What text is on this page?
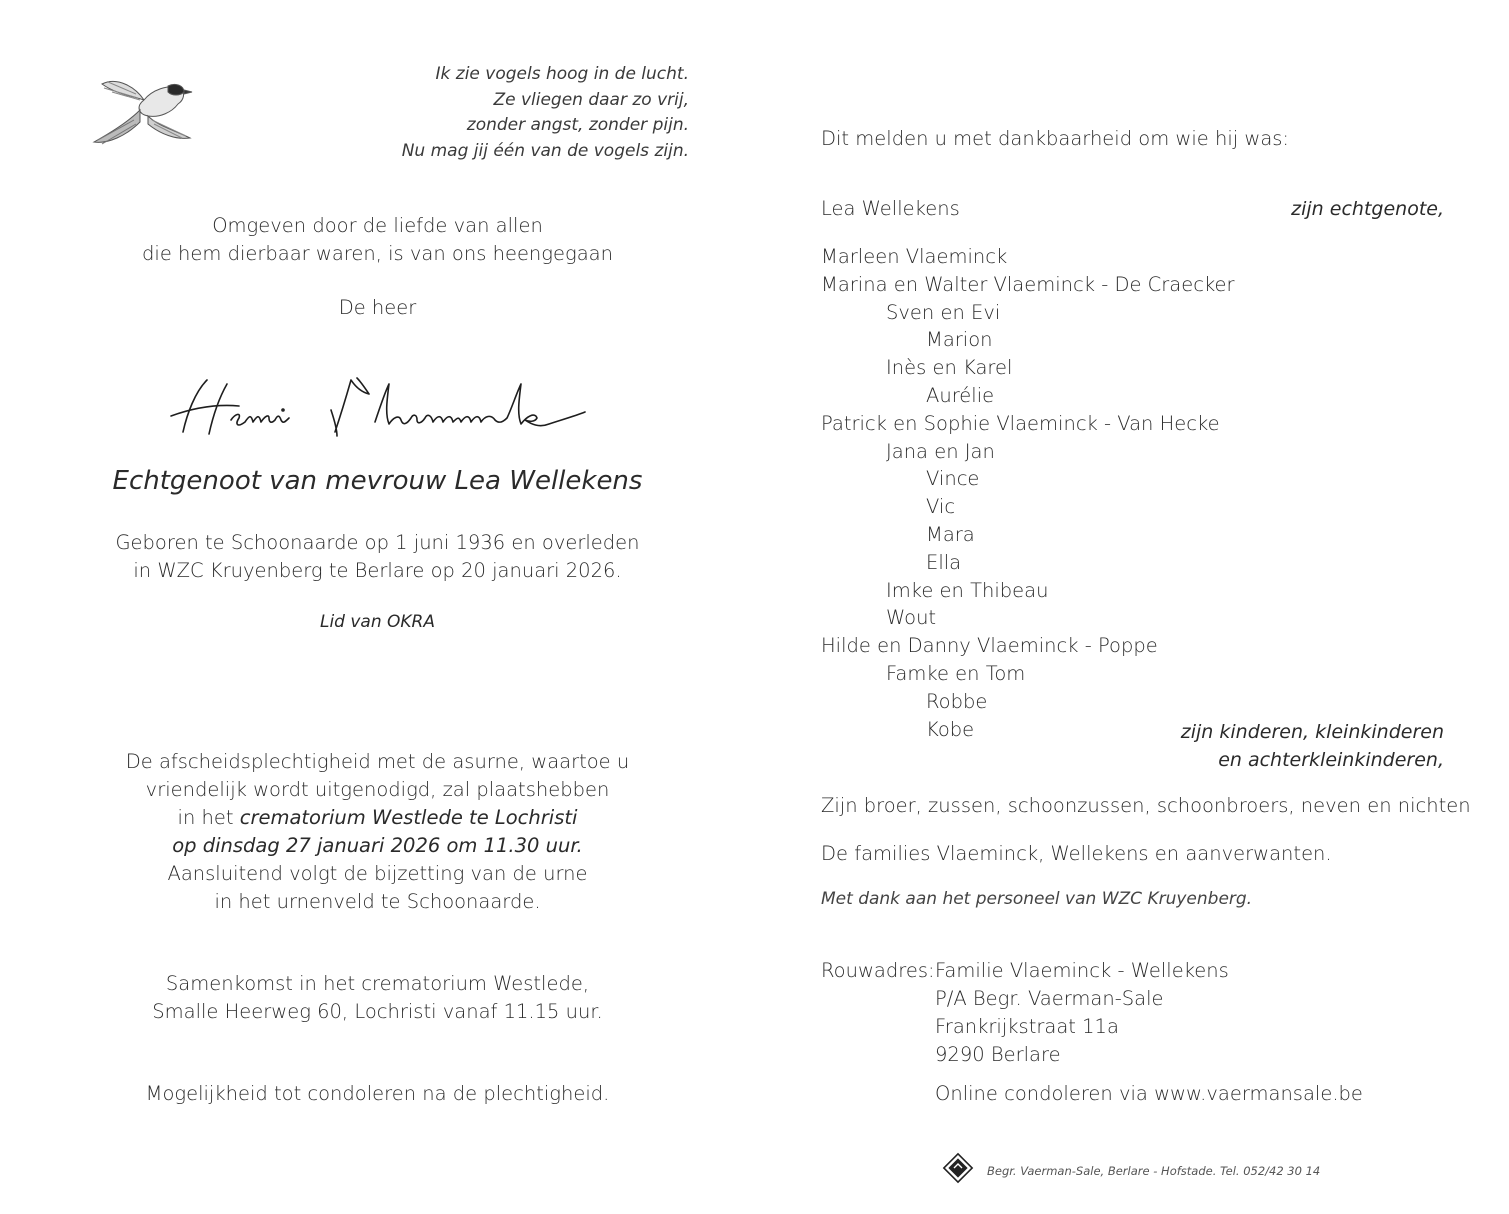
Ik zie vogels hoog in de lucht.
Ze vliegen daar zo vrij,
zonder angst, zonder pijn.
Nu mag jij één van de vogels zijn.
Omgeven door de liefde van allen
die hem dierbaar waren, is van ons heengegaan
De heer
Echtgenoot van mevrouw Lea Wellekens
Geboren te Schoonaarde op 1 juni 1936 en overleden
in WZC Kruyenberg te Berlare op 20 januari 2026.
Lid van OKRA
De afscheidsplechtigheid met de asurne, waartoe u
vriendelijk wordt uitgenodigd, zal plaatshebben
in het crematorium Westlede te Lochristi
op dinsdag 27 januari 2026 om 11.30 uur.
Aansluitend volgt de bijzetting van de urne
in het urnenveld te Schoonaarde.
Samenkomst in het crematorium Westlede,
Smalle Heerweg 60, Lochristi vanaf 11.15 uur.
Mogelijkheid tot condoleren na de plechtigheid.
Dit melden u met dankbaarheid om wie hij was:
Lea Wellekens	zijn echtgenote,
Marleen Vlaeminck
Marina en Walter Vlaeminck - De Craecker
Sven en Evi
Marion
Inès en Karel
Aurélie
Patrick en Sophie Vlaeminck - Van Hecke
Jana en Jan
Vince
Vic
Mara
Ella
Imke en Thibeau
Wout
Hilde en Danny Vlaeminck - Poppe
Famke en Tom
Robbe
Kobe	zijn kinderen, kleinkinderen
en achterkleinkinderen,
Zijn broer, zussen, schoonzussen, schoonbroers, neven en nichten
De families Vlaeminck, Wellekens en aanverwanten.
Met dank aan het personeel van WZC Kruyenberg.
Rouwadres:Familie Vlaeminck - Wellekens
P/A Begr. Vaerman-Sale
Frankrijkstraat 11a
9290 Berlare
Online condoleren via www.vaermansale.be
Begr. Vaerman-Sale, Berlare - Hofstade. Tel. 052/42 30 14
